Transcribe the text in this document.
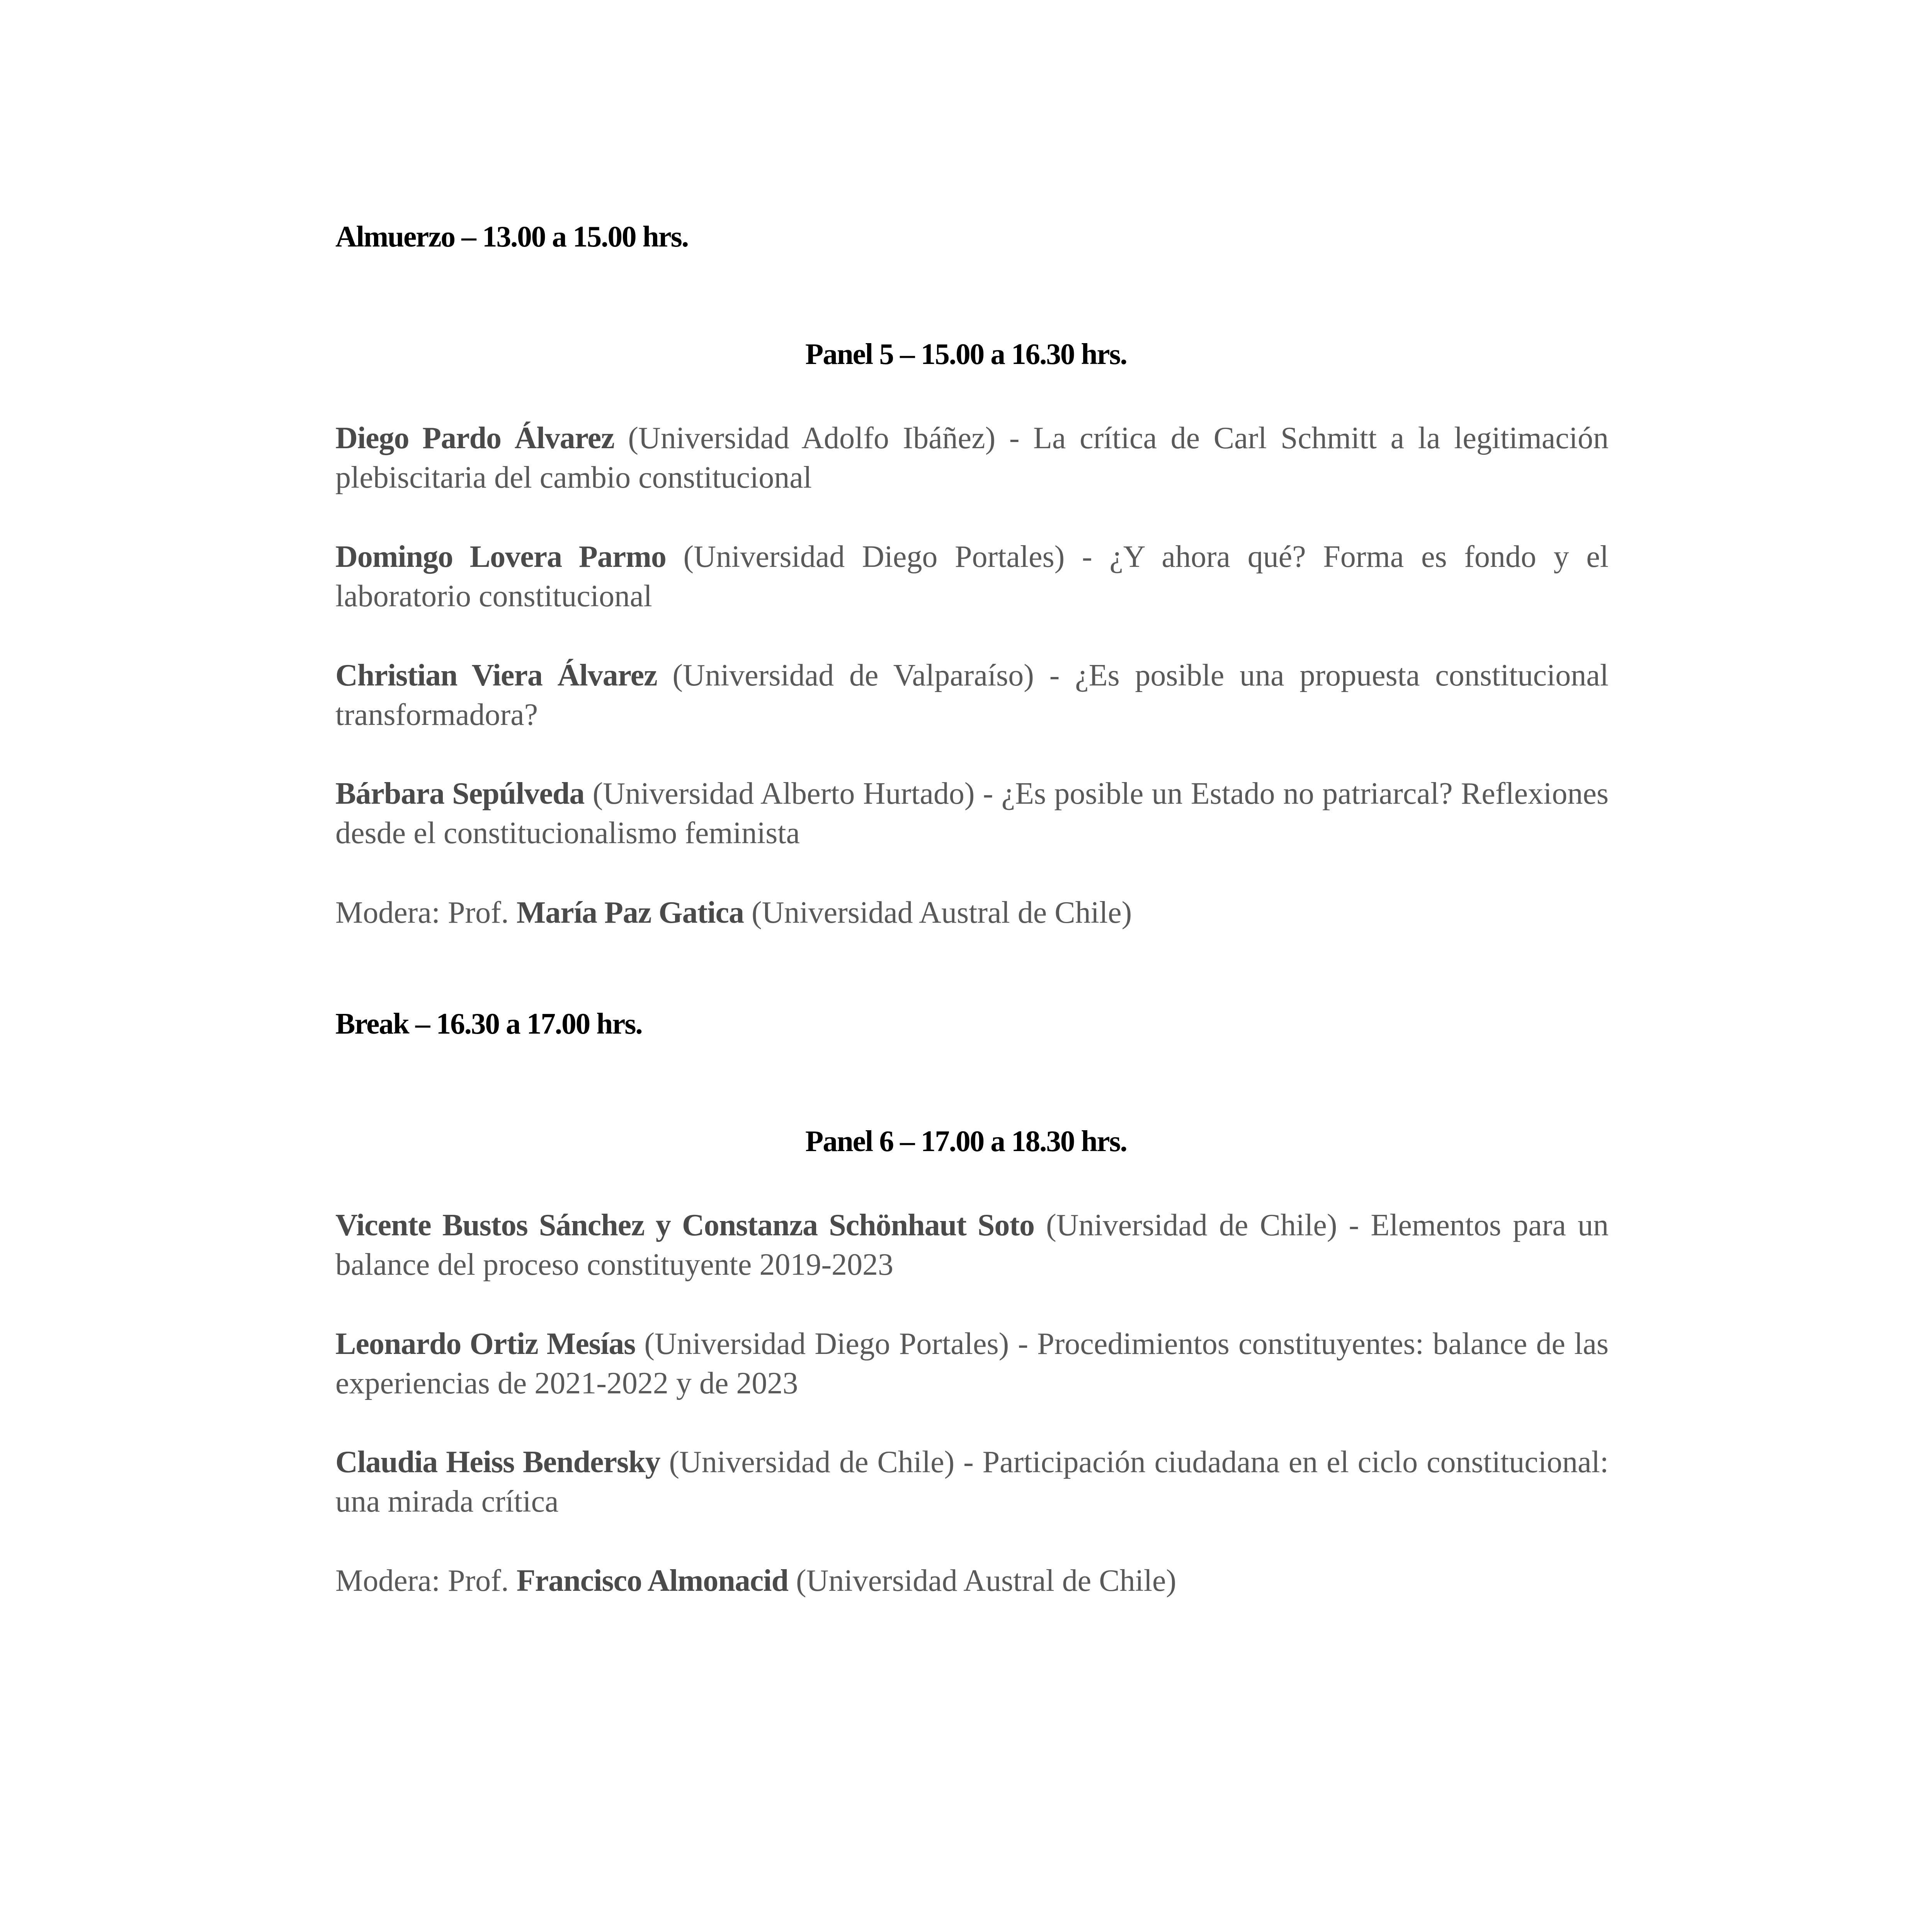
Almuerzo – 13.00 a 15.00 hrs.
Panel 5 – 15.00 a 16.30 hrs.

Diego Pardo Álvarez (Universidad Adolfo Ibáñez) - La crítica de Carl Schmitt a la legitimación plebiscitaria del cambio constitucional

Domingo Lovera Parmo (Universidad Diego Portales) - ¿Y ahora qué? Forma es fondo y el laboratorio constitucional

Christian Viera Álvarez (Universidad de Valparaíso) - ¿Es posible una propuesta constitucional transformadora?

Bárbara Sepúlveda (Universidad Alberto Hurtado) - ¿Es posible un Estado no patriarcal? Reflexiones desde el constitucionalismo feminista

Modera: Prof. María Paz Gatica (Universidad Austral de Chile)

Break – 16.30 a 17.00 hrs.
Panel 6 – 17.00 a 18.30 hrs.

Vicente Bustos Sánchez y Constanza Schönhaut Soto (Universidad de Chile) - Elementos para un balance del proceso constituyente 2019-2023

Leonardo Ortiz Mesías (Universidad Diego Portales) - Procedimientos constituyentes: balance de las experiencias de 2021-2022 y de 2023

Claudia Heiss Bendersky (Universidad de Chile) - Participación ciudadana en el ciclo constitucional: una mirada crítica

Modera: Prof. Francisco Almonacid (Universidad Austral de Chile)
